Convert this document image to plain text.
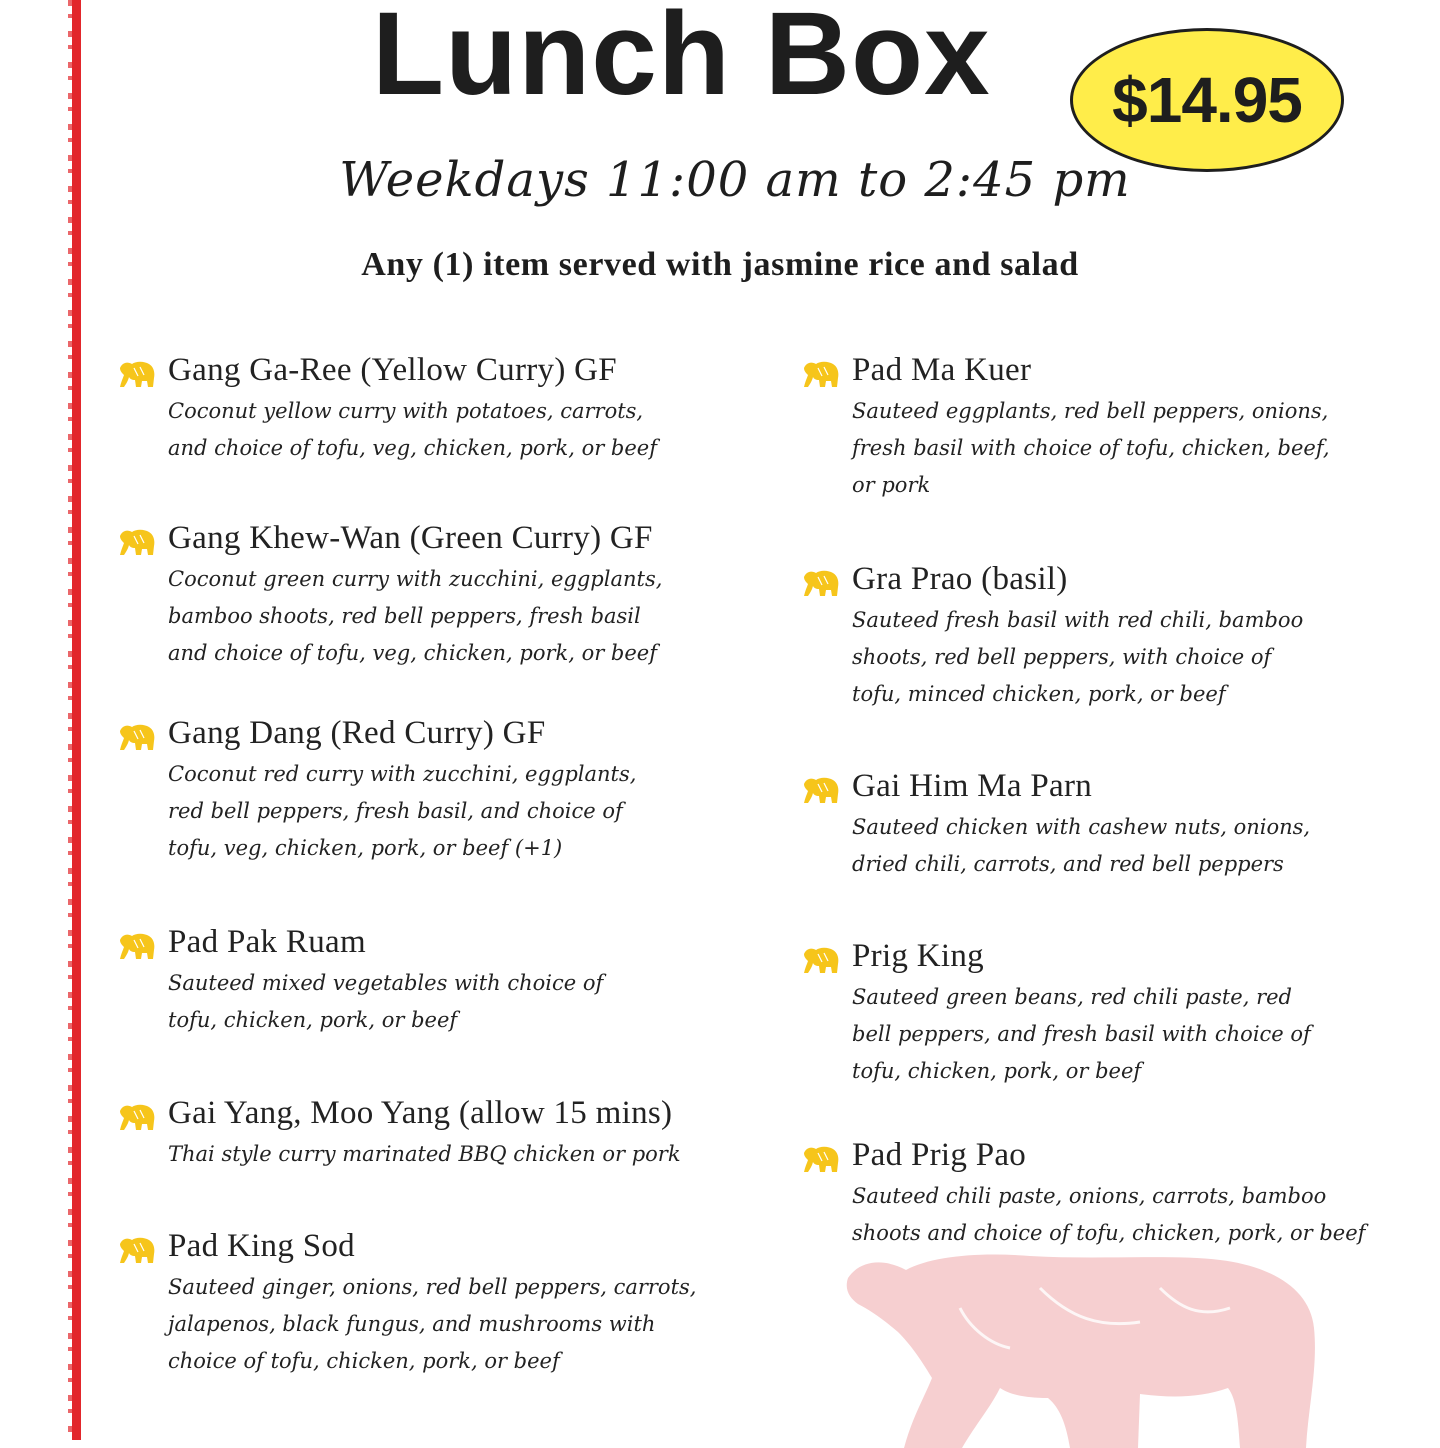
Lunch Box $14.95
Weekdays 11:00 am to 2:45 pm
Any (1) item served with jasmine rice and salad
Gang Ga-Ree (Yellow Curry) GF
Coconut yellow curry with potatoes, carrots,
and choice of tofu, veg, chicken, pork, or beef
Gang Khew-Wan (Green Curry) GF
Coconut green curry with zucchini, eggplants,
bamboo shoots, red bell peppers, fresh basil
and choice of tofu, veg, chicken, pork, or beef
Gang Dang (Red Curry) GF
Coconut red curry with zucchini, eggplants,
red bell peppers, fresh basil, and choice of
tofu, veg, chicken, pork, or beef (+1)
Pad Pak Ruam
Sauteed mixed vegetables with choice of
tofu, chicken, pork, or beef
Gai Yang, Moo Yang (allow 15 mins)
Thai style curry marinated BBQ chicken or pork
Pad King Sod
Sauteed ginger, onions, red bell peppers, carrots,
jalapenos, black fungus, and mushrooms with
choice of tofu, chicken, pork, or beef
Pad Ma Kuer
Sauteed eggplants, red bell peppers, onions,
fresh basil with choice of tofu, chicken, beef,
or pork
Gra Prao (basil)
Sauteed fresh basil with red chili, bamboo
shoots, red bell peppers, with choice of
tofu, minced chicken, pork, or beef
Gai Him Ma Parn
Sauteed chicken with cashew nuts, onions,
dried chili, carrots, and red bell peppers
Prig King
Sauteed green beans, red chili paste, red
bell peppers, and fresh basil with choice of
tofu, chicken, pork, or beef
Pad Prig Pao
Sauteed chili paste, onions, carrots, bamboo
shoots and choice of tofu, chicken, pork, or beef
